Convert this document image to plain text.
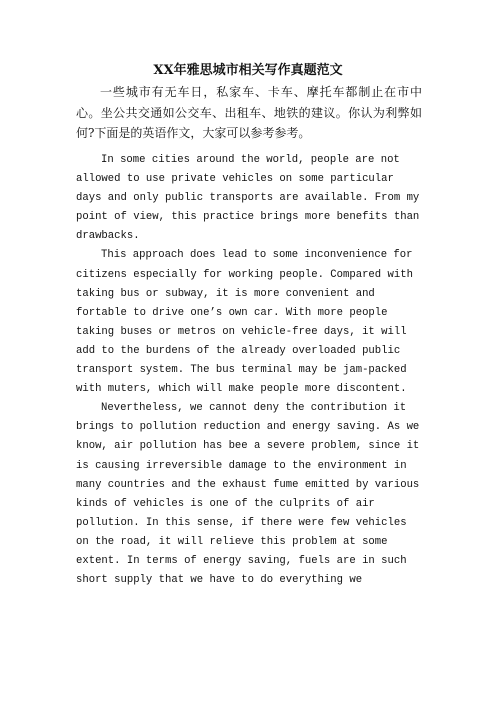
XX年雅思城市相关写作真题范文
一些城市有无车日，私家车、卡车、摩托车都制止在市中心。坐公共交通如公交车、出租车、地铁的建议。你认为利弊如何?下面是的英语作文，大家可以参考参考。

In some cities around the world, people are not allowed to use private vehicles on some particular days and only public transports are available. From my point of view, this practice brings more benefits than drawbacks.

This approach does lead to some inconvenience for citizens especially for working people. Compared with taking bus or subway, it is more convenient and fortable to drive one’s own car. With more people taking buses or metros on vehicle-free days, it will add to the burdens of the already overloaded public transport system. The bus terminal may be jam-packed with muters, which will make people more discontent.

Nevertheless, we cannot deny the contribution it brings to pollution reduction and energy saving. As we know, air pollution has bee a severe problem, since it is causing irreversible damage to the environment in many countries and the exhaust fume emitted by various kinds of vehicles is one of the culprits of air pollution. In this sense, if there were few vehicles on the road, it will relieve this problem at some extent. In terms of energy saving, fuels are in such short supply that we have to do everything we
